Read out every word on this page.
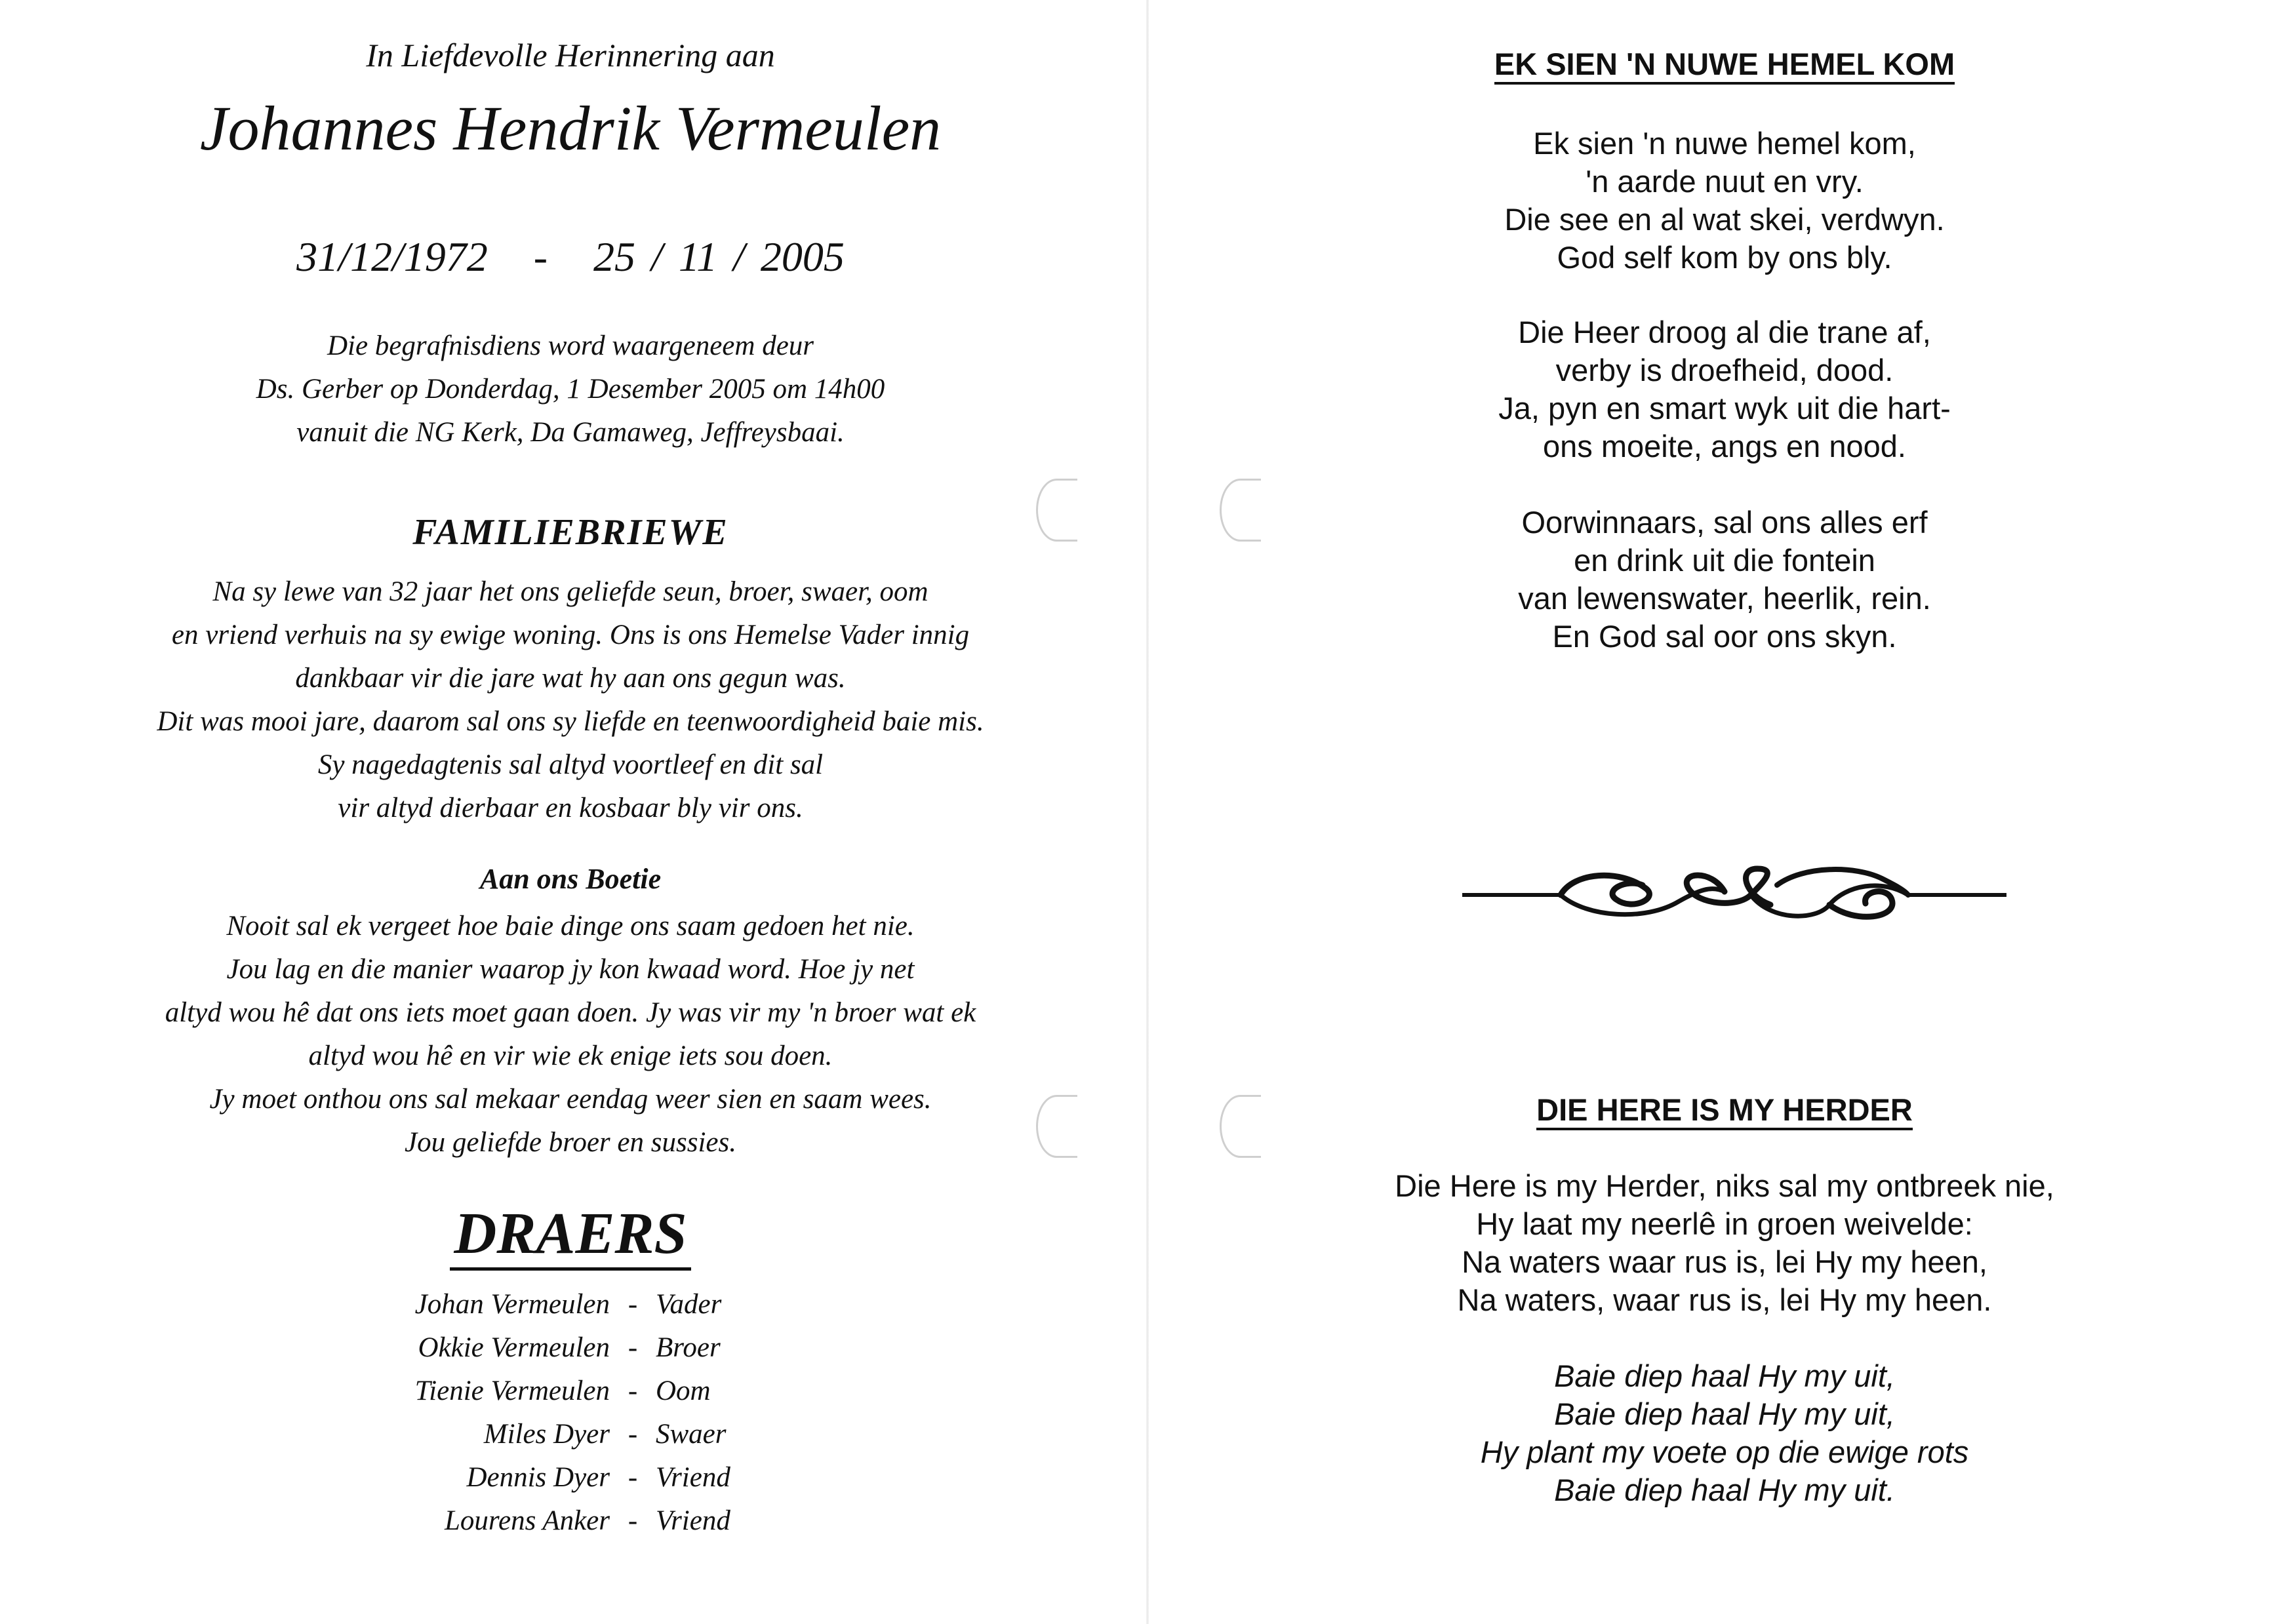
In Liefdevolle Herinnering aan
Johannes Hendrik Vermeulen
31/12/1972 - 25 / 11 / 2005
Die begrafnisdiens word waargeneem deur
Ds. Gerber op Donderdag, 1 Desember 2005 om 14h00
vanuit die NG Kerk, Da Gamaweg, Jeffreysbaai.
FAMILIEBRIEWE
Na sy lewe van 32 jaar het ons geliefde seun, broer, swaer, oom
en vriend verhuis na sy ewige woning. Ons is ons Hemelse Vader innig
dankbaar vir die jare wat hy aan ons gegun was.
Dit was mooi jare, daarom sal ons sy liefde en teenwoordigheid baie mis.
Sy nagedagtenis sal altyd voortleef en dit sal
vir altyd dierbaar en kosbaar bly vir ons.
Aan ons Boetie
Nooit sal ek vergeet hoe baie dinge ons saam gedoen het nie.
Jou lag en die manier waarop jy kon kwaad word. Hoe jy net
altyd wou hê dat ons iets moet gaan doen. Jy was vir my 'n broer wat ek
altyd wou hê en vir wie ek enige iets sou doen.
Jy moet onthou ons sal mekaar eendag weer sien en saam wees.
Jou geliefde broer en sussies.
DRAERS
Johan Vermeulen - Vader
Okkie Vermeulen - Broer
Tienie Vermeulen - Oom
Miles Dyer - Swaer
Dennis Dyer - Vriend
Lourens Anker - Vriend
EK SIEN 'N NUWE HEMEL KOM
Ek sien 'n nuwe hemel kom,
'n aarde nuut en vry.
Die see en al wat skei, verdwyn.
God self kom by ons bly.
Die Heer droog al die trane af,
verby is droefheid, dood.
Ja, pyn en smart wyk uit die hart-
ons moeite, angs en nood.
Oorwinnaars, sal ons alles erf
en drink uit die fontein
van lewenswater, heerlik, rein.
En God sal oor ons skyn.
DIE HERE IS MY HERDER
Die Here is my Herder, niks sal my ontbreek nie,
Hy laat my neerlê in groen weivelde:
Na waters waar rus is, lei Hy my heen,
Na waters, waar rus is, lei Hy my heen.
Baie diep haal Hy my uit,
Baie diep haal Hy my uit,
Hy plant my voete op die ewige rots
Baie diep haal Hy my uit.
